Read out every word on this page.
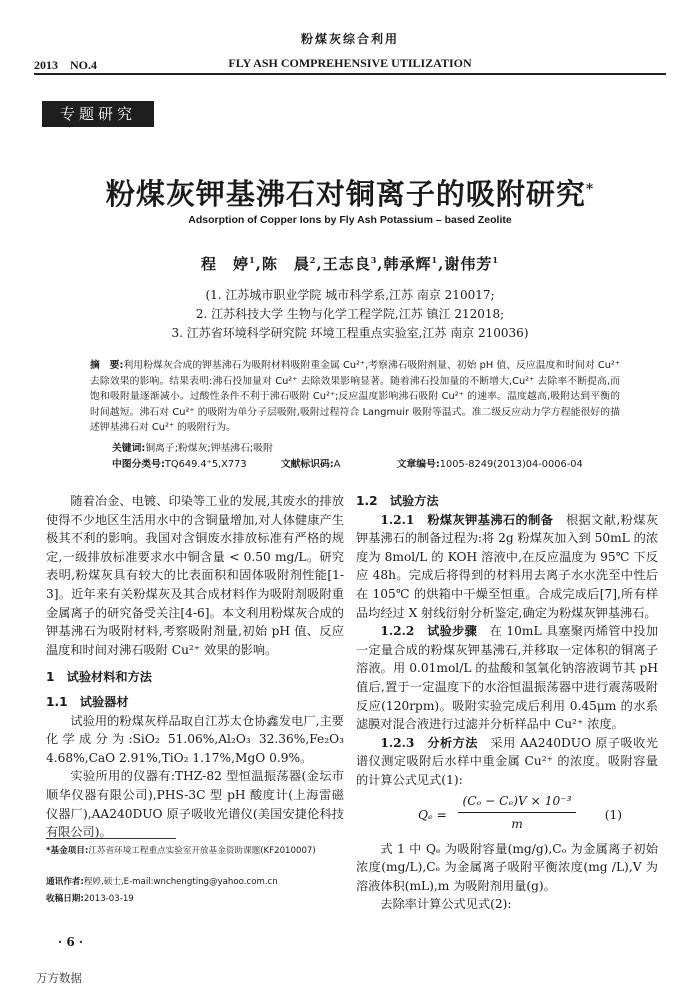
粉煤灰综合利用
2013　NO.4	FLY ASH COMPREHENSIVE UTILIZATION
专题研究
粉煤灰钾基沸石对铜离子的吸附研究*
Adsorption of Copper Ions by Fly Ash Potassium – based Zeolite
程　婷$^1$,陈　晨$^2$,王志良$^3$,韩承辉$^1$,谢伟芳$^1$
(1. 江苏城市职业学院 城市科学系,江苏 南京 210017;
2. 江苏科技大学 生物与化学工程学院,江苏 镇江 212018;
3. 江苏省环境科学研究院 环境工程重点实验室,江苏 南京 210036)
摘　要:利用粉煤灰合成的钾基沸石为吸附材料吸附重金属 Cu²⁺,考察沸石吸附剂量、初始 pH 值、反应温度和时间对 Cu²⁺ 去除效果的影响。结果表明:沸石投加量对 Cu²⁺ 去除效果影响显著。随着沸石投加量的不断增大,Cu²⁺ 去除率不断提高,而饱和吸附量逐渐减小。过酸性条件不利于沸石吸附 Cu²⁺;反应温度影响沸石吸附 Cu²⁺ 的速率。温度越高,吸附达到平衡的时间越短。沸石对 Cu²⁺ 的吸附为单分子层吸附,吸附过程符合 Langmuir 吸附等温式。准二级反应动力学方程能很好的描述钾基沸石对 Cu²⁺ 的吸附行为。
关键词:铜离子;粉煤灰;钾基沸石;吸附
中图分类号:TQ649.4⁺5,X773	文献标识码:A	文章编号:1005-8249(2013)04-0006-04

随着冶金、电镀、印染等工业的发展,其废水的排放使得不少地区生活用水中的含铜量增加,对人体健康产生极其不利的影响。我国对含铜废水排放标准有严格的规定,一级排放标准要求水中铜含量 < 0.50 mg/L。研究表明,粉煤灰具有较大的比表面积和固体吸附剂性能[1-3]。近年来有关粉煤灰及其合成材料作为吸附剂吸附重金属离子的研究备受关注[4-6]。本文利用粉煤灰合成的钾基沸石为吸附材料,考察吸附剂量,初始 pH 值、反应温度和时间对沸石吸附 Cu²⁺ 效果的影响。

1　试验材料和方法
1.1　试验器材

试验用的粉煤灰样品取自江苏太仓协鑫发电厂,主要化学成分为:SiO₂ 51.06%,Al₂O₃ 32.36%,Fe₂O₃ 4.68%,CaO 2.91%,TiO₂ 1.17%,MgO 0.9%。

实验所用的仪器有:THZ-82 型恒温振荡器(金坛市顺华仪器有限公司),PHS-3C 型 pH 酸度计(上海雷磁仪器厂),AA240DUO 原子吸收光谱仪(美国安捷伦科技有限公司)。

1.2　试验方法

1.2.1　粉煤灰钾基沸石的制备　 根据文献,粉煤灰钾基沸石的制备过程为:将 2g 粉煤灰加入到 50mL 的浓度为 8mol/L 的 KOH 溶液中,在反应温度为 95℃ 下反应 48h。完成后将得到的材料用去离子水水洗至中性后在 105℃ 的烘箱中干燥至恒重。合成完成后[7],所有样品均经过 X 射线衍射分析鉴定,确定为粉煤灰钾基沸石。

1.2.2　试验步骤　 在 10mL 具塞聚丙烯管中投加一定量合成的粉煤灰钾基沸石,并移取一定体积的铜离子溶液。用 0.01mol/L 的盐酸和氢氧化钠溶液调节其 pH 值后,置于一定温度下的水浴恒温振荡器中进行震荡吸附反应(120rpm)。吸附实验完成后利用 0.45μm 的水系滤膜对混合液进行过滤并分析样品中 Cu²⁺ 浓度。

1.2.3　分析方法　 采用 AA240DUO 原子吸收光谱仪测定吸附后水样中重金属 Cu²⁺ 的浓度。吸附容量的计算公式见式(1):

$Q_e = \frac{\text{(Cₒ − Cₑ)V × 10⁻³}}{m} (1)$

式 1 中 Qₑ 为吸附容量(mg/g),Cₒ 为金属离子初始浓度(mg/L),Cₑ 为金属离子吸附平衡浓度(mg /L),V 为溶液体积(mL),m 为吸附剂用量(g)。

去除率计算公式见式(2):

*基金项目:江苏省环境工程重点实验室开放基金资助课题(KF2010007)
通讯作者:程婷,硕士,E-mail:wnchengting@yahoo.com.cn
收稿日期:2013-03-19
· 6 ·
万方数据
